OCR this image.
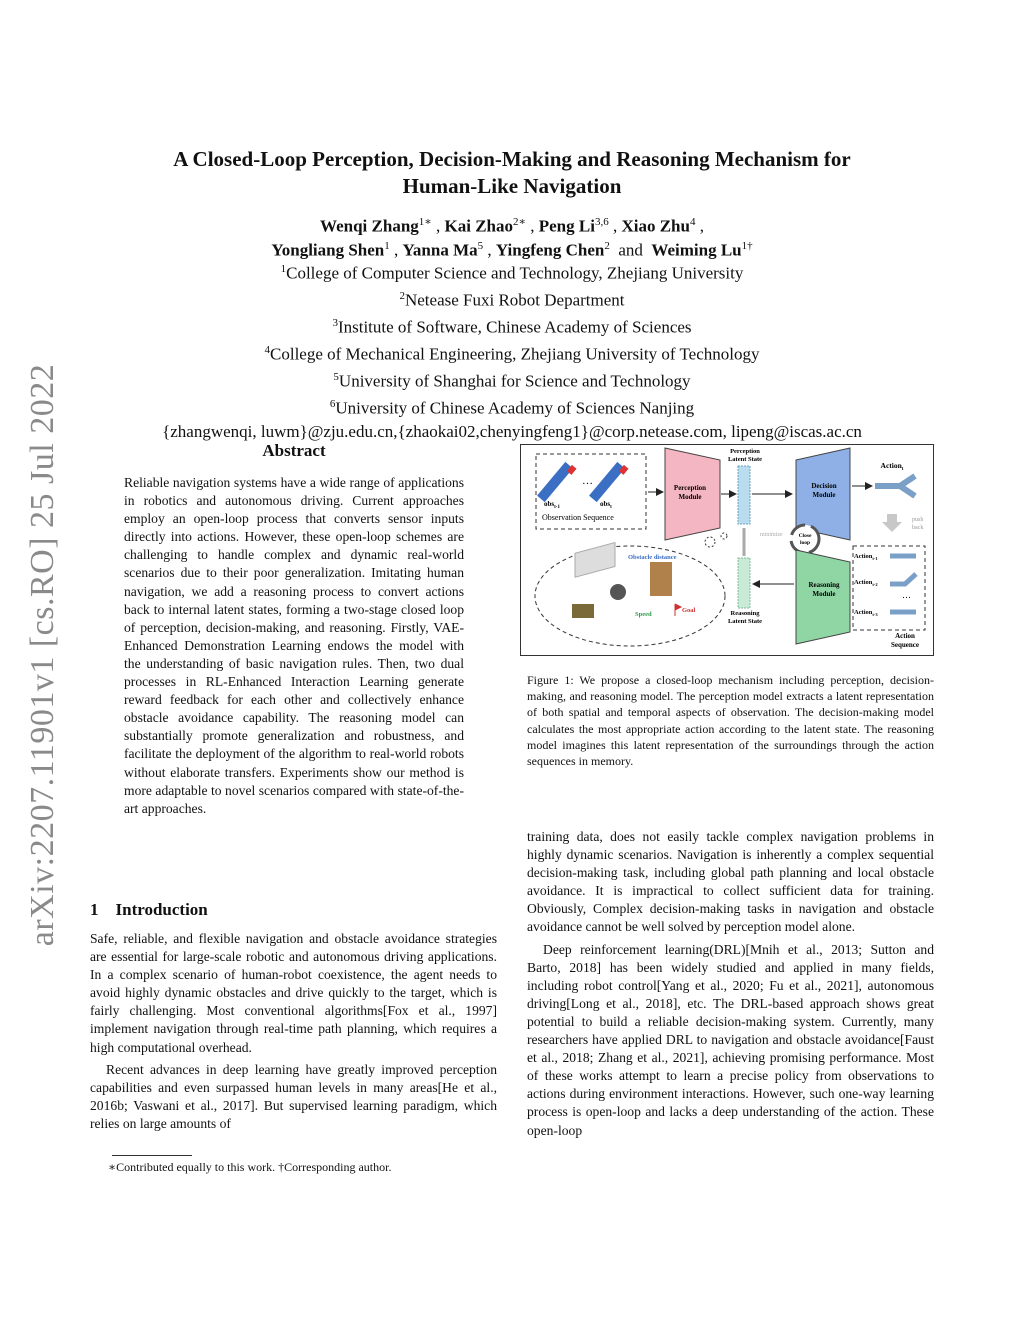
arXiv:2207.11901v1 [cs.RO] 25 Jul 2022
A Closed-Loop Perception, Decision-Making and Reasoning Mechanism for
Human-Like Navigation
Wenqi Zhang$^{1∗}$ , Kai Zhao$^{2∗}$ , Peng Li$^{3,6}$ , Xiao Zhu$^4$ ,
Yongliang Shen$^1$ , Yanna Ma$^5$ , Yingfeng Chen$^2$ and Weiming $Lu^{1\dagger}$
$^1$College of Computer Science and Technology, Zhejiang University
$^2$Netease Fuxi Robot Department
$^3$Institute of Software, Chinese Academy of Sciences
$^4$College of Mechanical Engineering, Zhejiang University of Technology
$^5$University of Shanghai for Science and Technology
$^6$University of Chinese Academy of Sciences Nanjing
{zhangwenqi, luwm}@zju.edu.cn,{zhaokai02,chenyingfeng1}@corp.netease.com, lipeng@iscas.ac.cn
Abstract

Reliable navigation systems have a wide range of applications in robotics and autonomous driving. Current approaches employ an open-loop process that converts sensor inputs directly into actions. However, these open-loop schemes are challenging to handle complex and dynamic real-world scenarios due to their poor generalization. Imitating human navigation, we add a reasoning process to convert actions back to internal latent states, forming a two-stage closed loop of perception, decision-making, and reasoning. Firstly, VAE-Enhanced Demonstration Learning endows the model with the understanding of basic navigation rules. Then, two dual processes in RL-Enhanced Interaction Learning generate reward feedback for each other and collectively enhance obstacle avoidance capability. The reasoning model can substantially promote generalization and robustness, and facilitate the deployment of the algorithm to real-world robots without elaborate transfers. Experiments show our method is more adaptable to novel scenarios compared with state-of-the-art approaches.

1 Introduction

Safe, reliable, and flexible navigation and obstacle avoidance strategies are essential for large-scale robotic and autonomous driving applications. In a complex scenario of human-robot coexistence, the agent needs to avoid highly dynamic obstacles and drive quickly to the target, which is fairly challenging. Most conventional algorithms[Fox et al., 1997] implement navigation through real-time path planning, which requires a high computational overhead.

Recent advances in deep learning have greatly improved perception capabilities and even surpassed human levels in many areas[He et al., 2016b; Vaswani et al., 2017]. But supervised learning paradigm, which relies on large amounts of

∗Contributed equally to this work. †Corresponding author.
…
obs$_{t-1}$	obs$_t$
Observation Sequence
Perception
Module
Perception
Latent State
Decision
Module
Action$_t$
push
back
minimize	Close
loop
Reasoning
Latent State
Reasoning
Module
Action$_{t-1}$
Action$_{t-2}$
Action$_{t-3}$
…
Action
Sequence
Obstacle distance
Speed
Goal
Figure 1: We propose a closed-loop mechanism including perception, decision-making, and reasoning model. The perception model extracts a latent representation of both spatial and temporal aspects of observation. The decision-making model calculates the most appropriate action according to the latent state. The reasoning model imagines this latent representation of the surroundings through the action sequences in memory.

training data, does not easily tackle complex navigation problems in highly dynamic scenarios. Navigation is inherently a complex sequential decision-making task, including global path planning and local obstacle avoidance. It is impractical to collect sufficient data for training. Obviously, Complex decision-making tasks in navigation and obstacle avoidance cannot be well solved by perception model alone.

Deep reinforcement learning(DRL)[Mnih et al., 2013; Sutton and Barto, 2018] has been widely studied and applied in many fields, including robot control[Yang et al., 2020; Fu et al., 2021], autonomous driving[Long et al., 2018], etc. The DRL-based approach shows great potential to build a reliable decision-making system. Currently, many researchers have applied DRL to navigation and obstacle avoidance[Faust et al., 2018; Zhang et al., 2021], achieving promising performance. Most of these works attempt to learn a precise policy from observations to actions during environment interactions. However, such one-way learning process is open-loop and lacks a deep understanding of the action. These open-loop
